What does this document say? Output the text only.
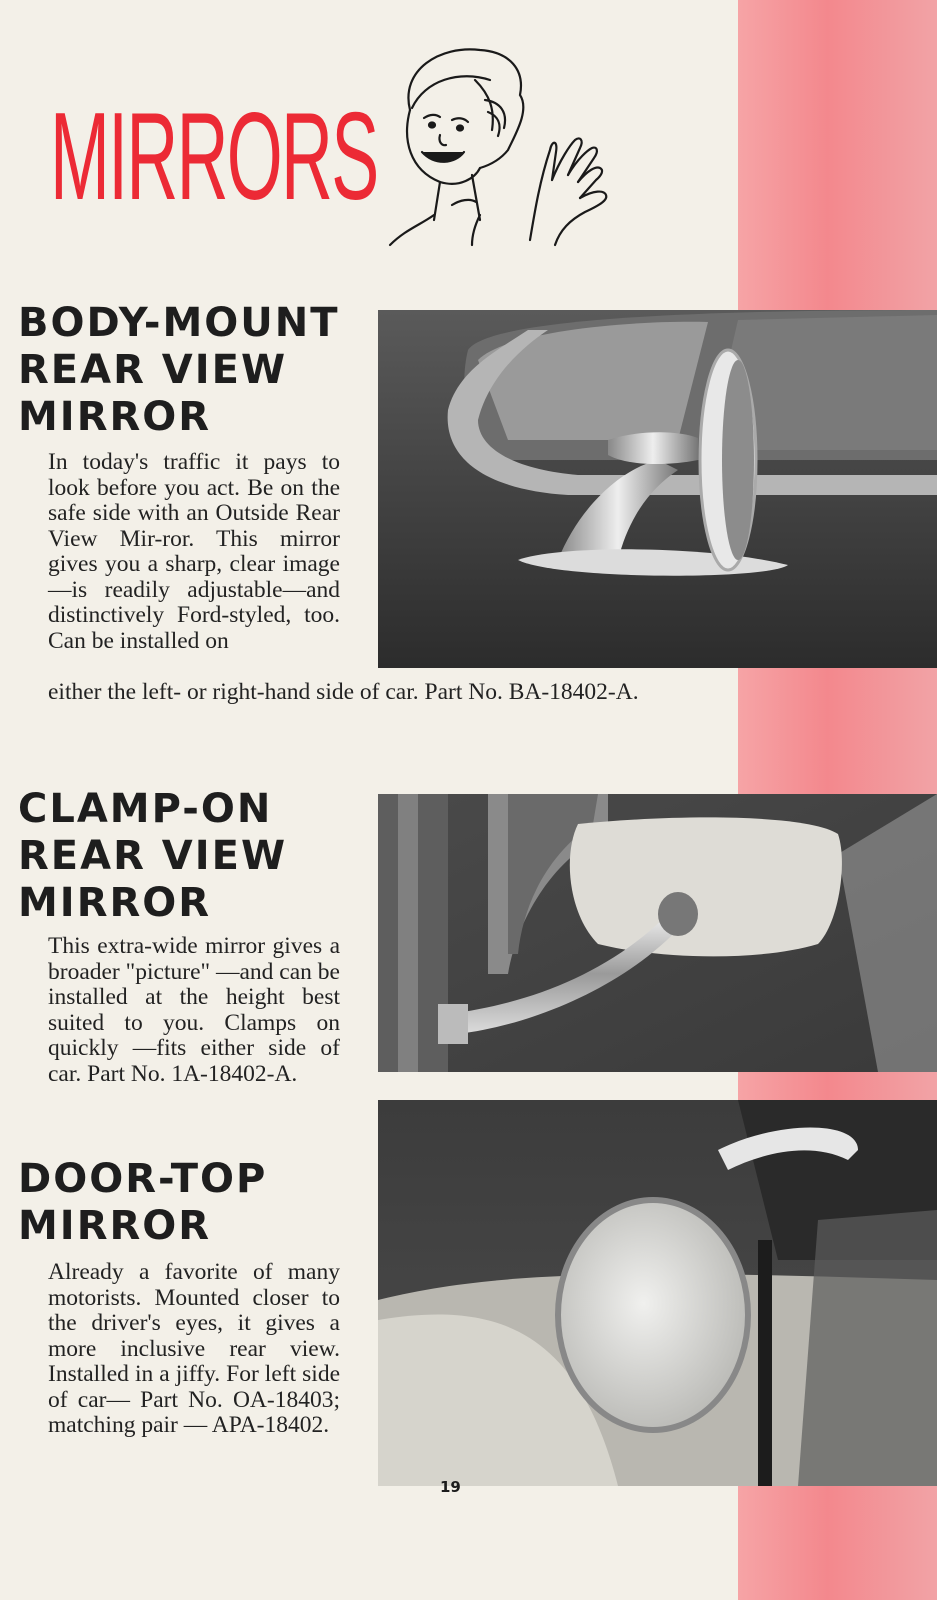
MIRRORS
BODY-MOUNT
REAR VIEW
MIRROR

In today's traffic it pays to look before you act. Be on the safe side with an Outside Rear View Mir-ror. This mirror gives you a sharp, clear image—is readily adjustable—and distinctively Ford-styled, too. Can be installed on

either the left- or right-hand side of car. Part No. BA-18402-A.

CLAMP-ON
REAR VIEW
MIRROR

This extra-wide mirror gives a broader "picture" —and can be installed at the height best suited to you. Clamps on quickly —fits either side of car. Part No. 1A-18402-A.

DOOR-TOP
MIRROR

Already a favorite of many motorists. Mounted closer to the driver's eyes, it gives a more inclusive rear view. Installed in a jiffy. For left side of car— Part No. OA-18403; matching pair — APA-18402.

19
